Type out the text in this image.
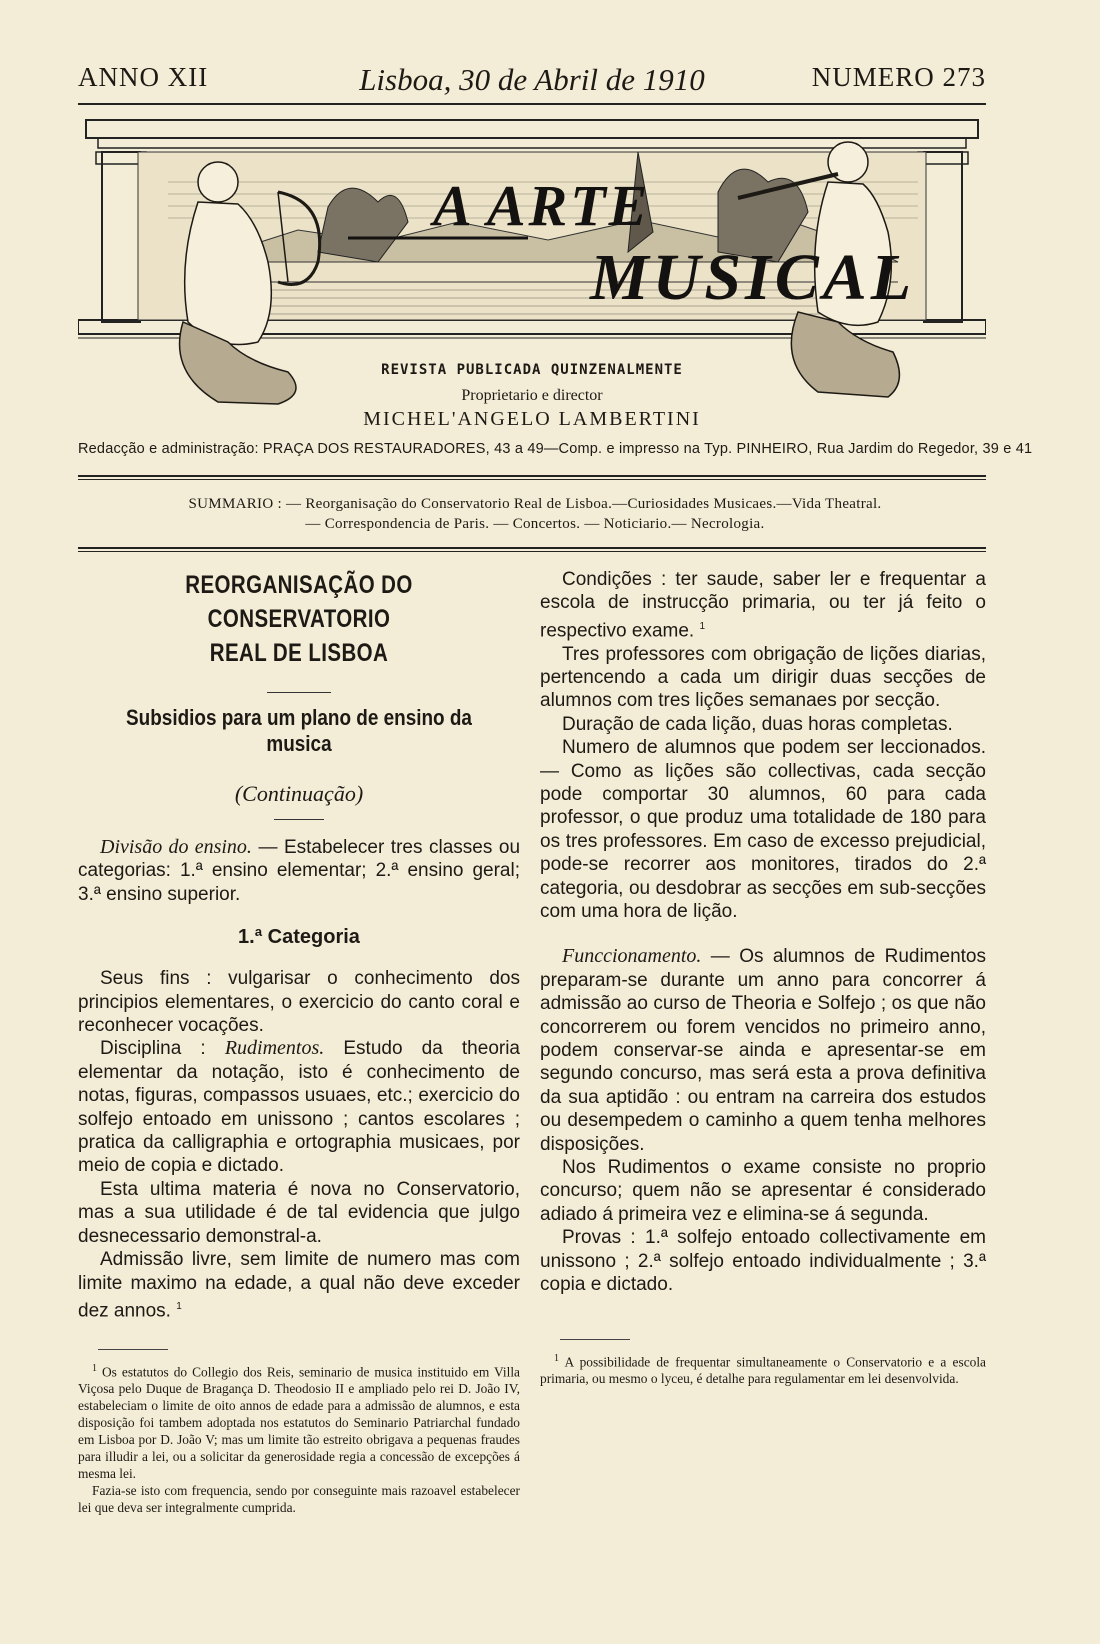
ANNO XII	Lisboa, 30 de Abril de 1910	NUMERO 273
A ARTE
MUSICAL
REVISTA PUBLICADA QUINZENALMENTE
Proprietario e director
MICHEL'ANGELO LAMBERTINI
Redacção e administração: PRAÇA DOS RESTAURADORES, 43 a 49—Comp. e impresso na Typ. PINHEIRO, Rua Jardim do Regedor, 39 e 41
SUMMARIO : — Reorganisação do Conservatorio Real de Lisboa.—Curiosidades Musicaes.—Vida Theatral.
— Correspondencia de Paris. — Concertos. — Noticiario.— Necrologia.
REORGANISAÇÃO DO CONSERVATORIO
REAL DE LISBOA
Subsidios para um plano de ensino da musica

(Continuação)

Divisão do ensino. — Estabelecer tres classes ou categorias: 1.ª ensino elementar; 2.ª ensino geral; 3.ª ensino superior.

1.ª Categoria

Seus fins : vulgarisar o conhecimento dos principios elementares, o exercicio do canto coral e reconhecer vocações.

Disciplina : Rudimentos. Estudo da theoria elementar da notação, isto é conhecimento de notas, figuras, compassos usuaes, etc.; exercicio do solfejo entoado em unissono ; cantos escolares ; pratica da calligraphia e ortographia musicaes, por meio de copia e dictado.

Esta ultima materia é nova no Conservatorio, mas a sua utilidade é de tal evidencia que julgo desnecessario demonstral-a.

Admissão livre, sem limite de numero mas com limite maximo na edade, a qual não deve exceder dez annos. $^1$

$^1$ Os estatutos do Collegio dos Reis, seminario de musica instituido em Villa Viçosa pelo Duque de Bragança D. Theodosio II e ampliado pelo rei D. João IV, estabeleciam o limite de oito annos de edade para a admissão de alumnos, e esta disposição foi tambem adoptada nos estatutos do Seminario Patriarchal fundado em Lisboa por D. João V; mas um limite tão estreito obrigava a pequenas fraudes para illudir a lei, ou a solicitar da generosidade regia a concessão de excepções á mesma lei.

Fazia-se isto com frequencia, sendo por conseguinte mais razoavel estabelecer lei que deva ser integralmente cumprida.

Condições : ter saude, saber ler e frequentar a escola de instrucção primaria, ou ter já feito o respectivo exame. $^1$

Tres professores com obrigação de lições diarias, pertencendo a cada um dirigir duas secções de alumnos com tres lições semanaes por secção.

Duração de cada lição, duas horas completas.

Numero de alumnos que podem ser leccionados. — Como as lições são collectivas, cada secção pode comportar 30 alumnos, 60 para cada professor, o que produz uma totalidade de 180 para os tres professores. Em caso de excesso prejudicial, pode-se recorrer aos monitores, tirados do 2.ª categoria, ou desdobrar as secções em sub-secções com uma hora de lição.

Funccionamento. — Os alumnos de Rudimentos preparam-se durante um anno para concorrer á admissão ao curso de Theoria e Solfejo ; os que não concorrerem ou forem vencidos no primeiro anno, podem conservar-se ainda e apresentar-se em segundo concurso, mas será esta a prova definitiva da sua aptidão : ou entram na carreira dos estudos ou desempedem o caminho a quem tenha melhores disposições.

Nos Rudimentos o exame consiste no proprio concurso; quem não se apresentar é considerado adiado á primeira vez e elimina-se á segunda.

Provas : 1.ª solfejo entoado collectivamente em unissono ; 2.ª solfejo entoado individualmente ; 3.ª copia e dictado.

$^1$ A possibilidade de frequentar simultaneamente o Conservatorio e a escola primaria, ou mesmo o lyceu, é detalhe para regulamentar em lei desenvolvida.
